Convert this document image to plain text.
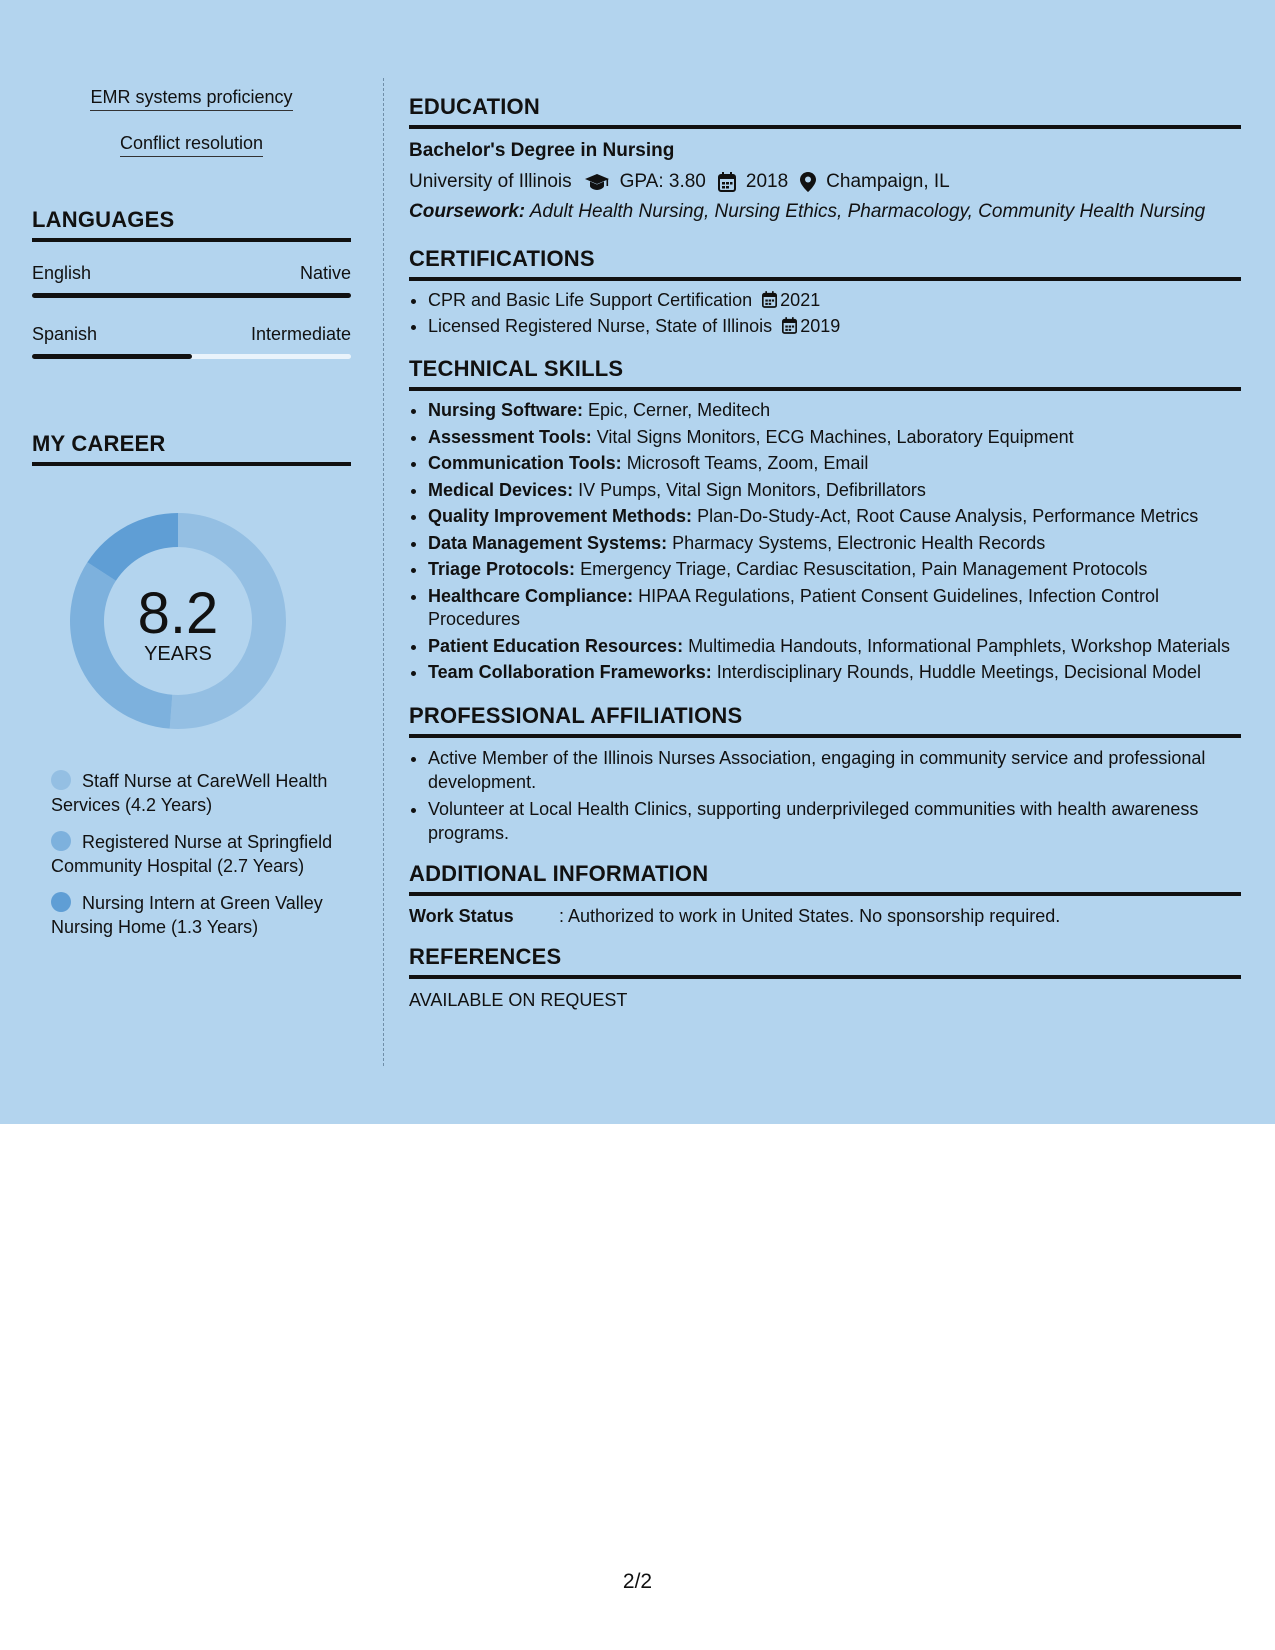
EMR systems proficiency
Conflict resolution
LANGUAGES
English	Native
Spanish	Intermediate
MY CAREER
8.2
YEARS
Staff Nurse at CareWell Health Services (4.2 Years)
Registered Nurse at Springfield Community Hospital (2.7 Years)
Nursing Intern at Green Valley Nursing Home (1.3 Years)
EDUCATION
Bachelor's Degree in Nursing
University of Illinois	GPA: 3.80 2018 Champaign, IL
Coursework: Adult Health Nursing, Nursing Ethics, Pharmacology, Community Health Nursing
CERTIFICATIONS
• CPR and Basic Life Support Certification 2021
• Licensed Registered Nurse, State of Illinois 2019
TECHNICAL SKILLS
• Nursing Software: Epic, Cerner, Meditech
• Assessment Tools: Vital Signs Monitors, ECG Machines, Laboratory Equipment
• Communication Tools: Microsoft Teams, Zoom, Email
• Medical Devices: IV Pumps, Vital Sign Monitors, Defibrillators
• Quality Improvement Methods: Plan-Do-Study-Act, Root Cause Analysis, Performance Metrics
• Data Management Systems: Pharmacy Systems, Electronic Health Records
• Triage Protocols: Emergency Triage, Cardiac Resuscitation, Pain Management Protocols
• Healthcare Compliance: HIPAA Regulations, Patient Consent Guidelines, Infection Control Procedures
• Patient Education Resources: Multimedia Handouts, Informational Pamphlets, Workshop Materials
• Team Collaboration Frameworks: Interdisciplinary Rounds, Huddle Meetings, Decisional Model
PROFESSIONAL AFFILIATIONS
• Active Member of the Illinois Nurses Association, engaging in community service and professional development.
• Volunteer at Local Health Clinics, supporting underprivileged communities with health awareness programs.
ADDITIONAL INFORMATION
Work Status	: Authorized to work in United States. No sponsorship required.
REFERENCES
AVAILABLE ON REQUEST
2/2
